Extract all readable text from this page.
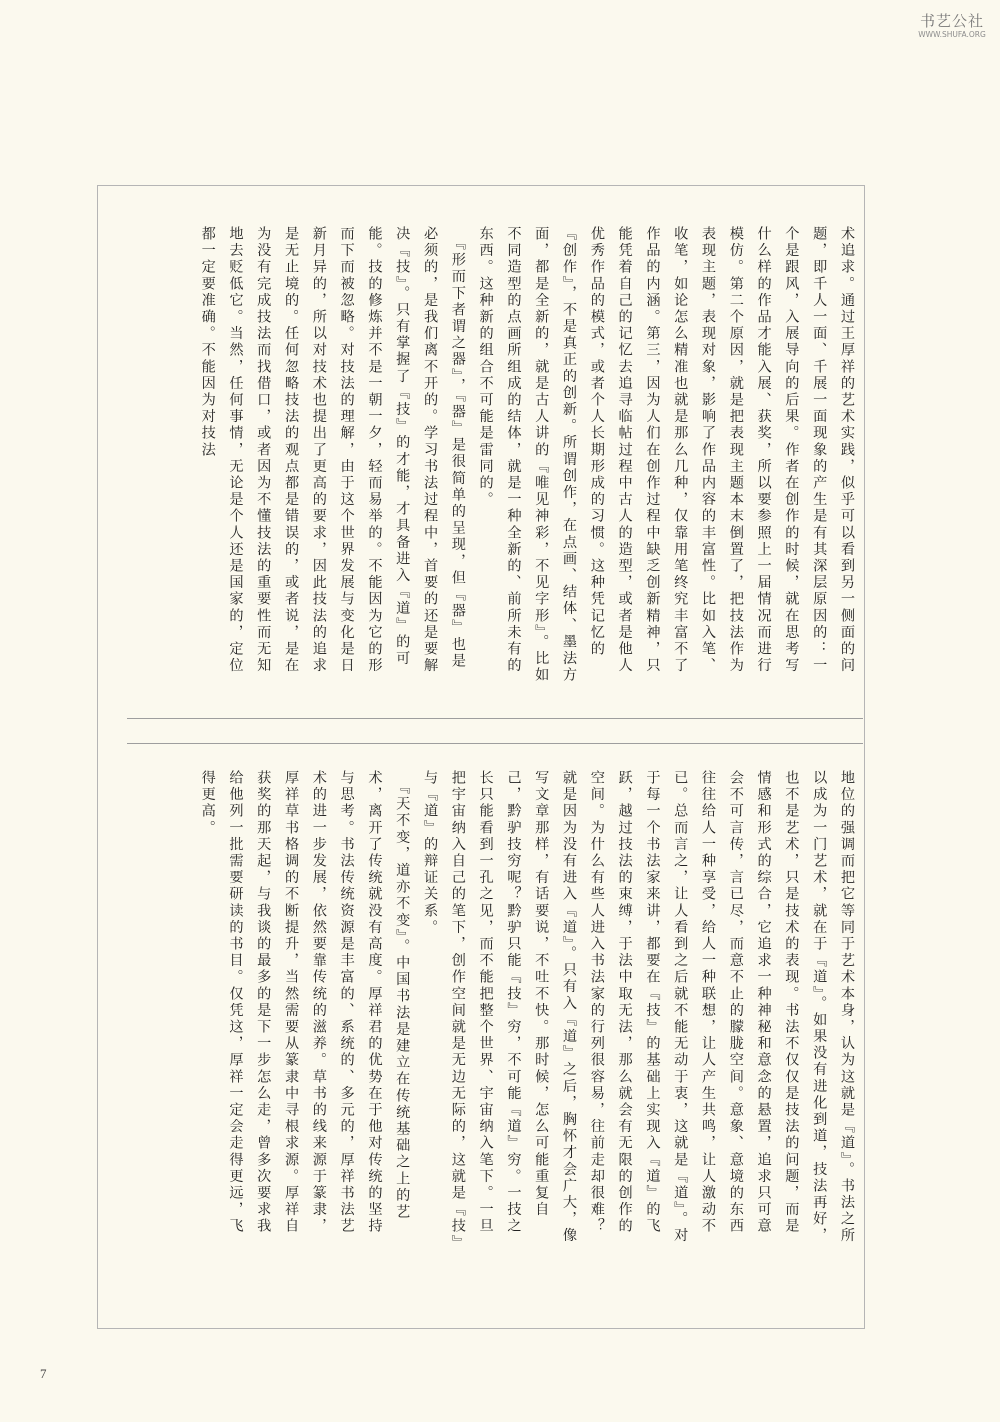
书艺公社
WWW.SHUFA.ORG

术追求。通过王厚祥的艺术实践，似乎可以看到另一侧面的问题，即千人一面、千展一面现象的产生是有其深层原因的：一个是跟风，入展导向的后果。作者在创作的时候，就在思考写什么样的作品才能入展、获奖，所以要参照上一届情况而进行模仿。第二个原因，就是把表现主题本末倒置了，把技法作为表现主题，表现对象，影响了作品内容的丰富性。比如入笔、收笔，如论怎么精准也就是那么几种，仅靠用笔终究丰富不了作品的内涵。第三，因为人们在创作过程中缺乏创新精神，只能凭着自己的记忆去追寻临帖过程中古人的造型，或者是他人优秀作品的模式，或者个人长期形成的习惯。这种凭记忆的『创作』，不是真正的创新。所谓创作，在点画、结体、墨法方面，都是全新的，就是古人讲的『唯见神彩，不见字形』。比如不同造型的点画所组成的结体，就是一种全新的、前所未有的东西。这种新的组合不可能是雷同的。

　『形而下者谓之器』，『器』是很简单的呈现，但『器』也是必须的，是我们离不开的。学习书法过程中，首要的还是要解决『技』。只有掌握了『技』的才能，才具备进入『道』的可能。技的修炼并不是一朝一夕，轻而易举的。不能因为它的形而下而被忽略。对技法的理解，由于这个世界发展与变化是日新月异的，所以对技术也提出了更高的要求，因此技法的追求是无止境的。任何忽略技法的观点都是错误的，或者说，是在为没有完成技法而找借口，或者因为不懂技法的重要性而无知地去贬低它。当然，任何事情，无论是个人还是国家的，定位都一定要准确。不能因为对技法

地位的强调而把它等同于艺术本身，认为这就是『道』。书法之所以成为一门艺术，就在于『道』。如果没有进化到道，技法再好，也不是艺术，只是技术的表现。书法不仅仅是技法的问题，而是情感和形式的综合，它追求一种神秘和意念的悬置，追求只可意会不可言传，言已尽，而意不止的朦胧空间。意象、意境的东西往往给人一种享受，给人一种联想，让人产生共鸣，让人激动不已。总而言之，让人看到之后就不能无动于衷，这就是『道』。对于每一个书法家来讲，都要在『技』的基础上实现入『道』的飞跃，越过技法的束缚，于法中取无法，那么就会有无限的创作的空间。为什么有些人进入书法家的行列很容易，往前走却很难？就是因为没有进入『道』。只有入『道』之后，胸怀才会广大，像写文章那样，有话要说，不吐不快。那时候，怎么可能重复自己，黔驴技穷呢？黔驴只能『技』穷，不可能『道』穷。一技之长只能看到一孔之见，而不能把整个世界、宇宙纳入笔下。一旦把宇宙纳入自己的笔下，创作空间就是无边无际的，这就是『技』与『道』的辩证关系。

　『天不变，道亦不变』。中国书法是建立在传统基础之上的艺术，离开了传统就没有高度。厚祥君的优势在于他对传统的坚持与思考。书法传统资源是丰富的、系统的、多元的，厚祥书法艺术的进一步发展，依然要靠传统的滋养。草书的线来源于篆隶，厚祥草书格调的不断提升，当然需要从篆隶中寻根求源。厚祥自获奖的那天起，与我谈的最多的是下一步怎么走，曾多次要求我给他列一批需要研读的书目。仅凭这，厚祥一定会走得更远，飞得更高。

7
